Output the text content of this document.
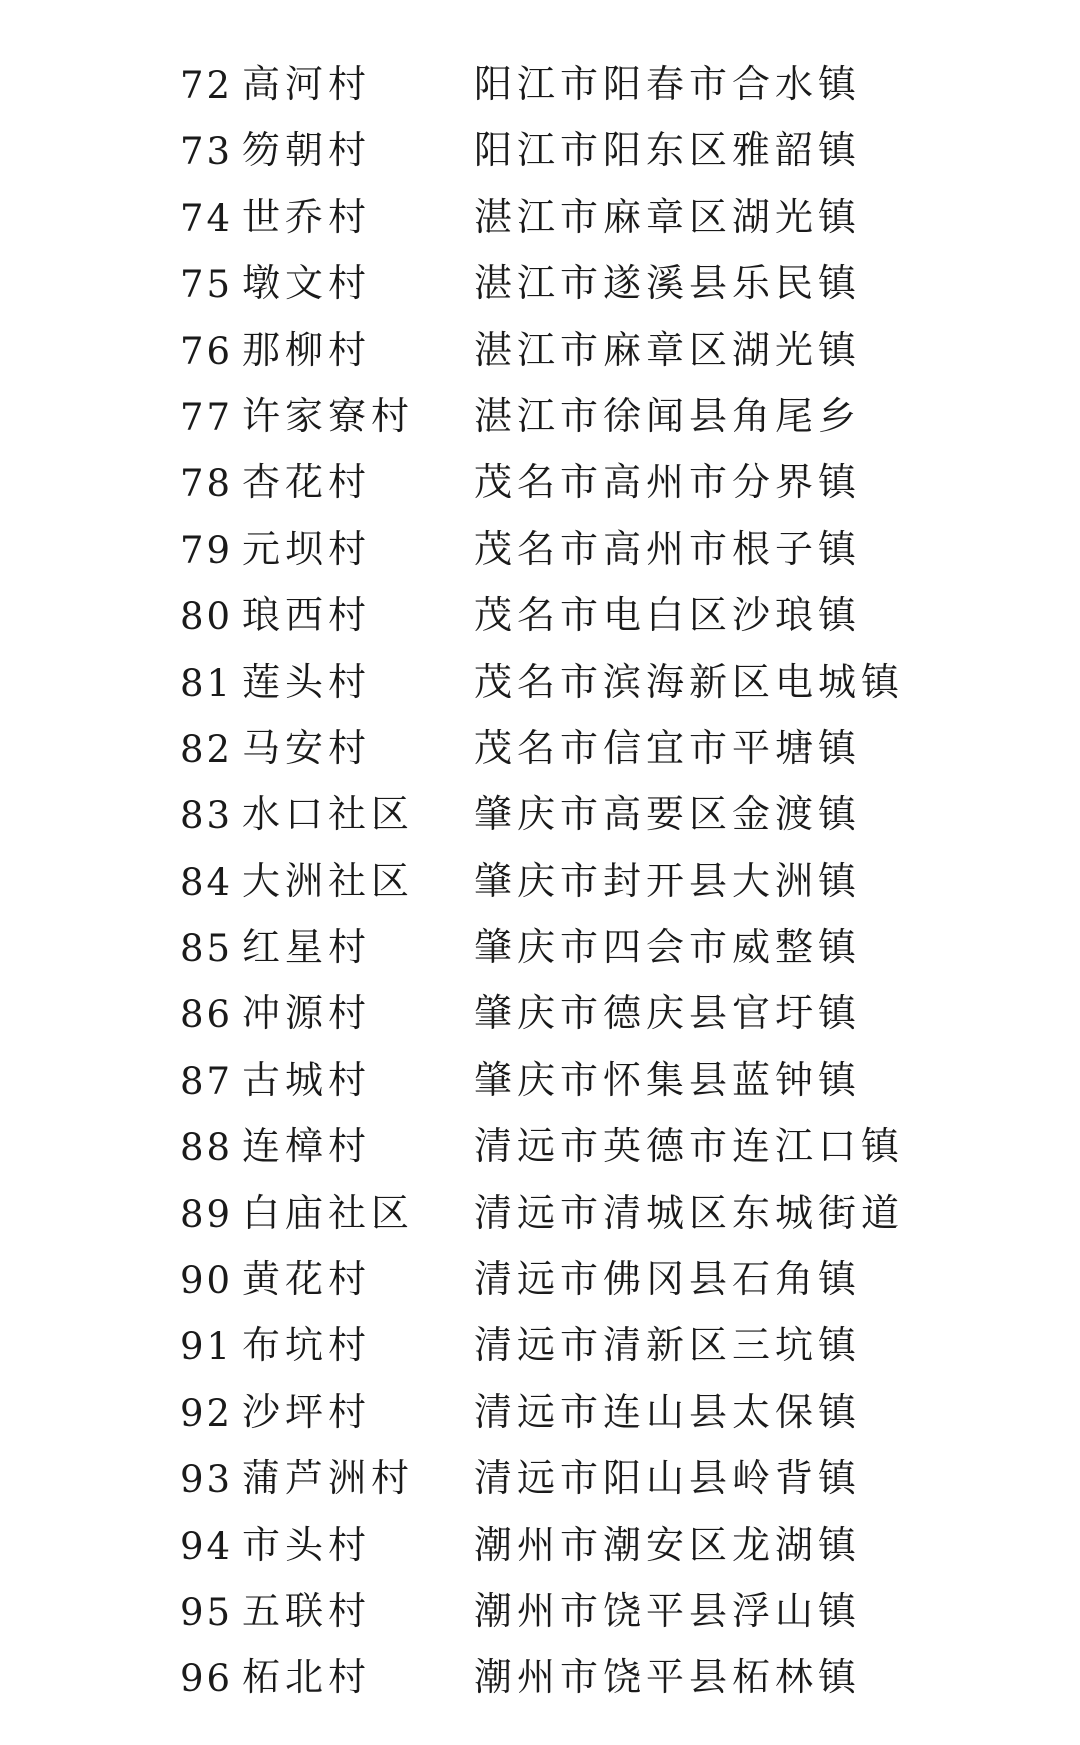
72 高河村	阳江市阳春市合水镇
73 笏朝村	阳江市阳东区雅韶镇
74 世乔村	湛江市麻章区湖光镇
75 墩文村	湛江市遂溪县乐民镇
76 那柳村	湛江市麻章区湖光镇
77 许家寮村 湛江市徐闻县角尾乡
78 杏花村	茂名市高州市分界镇
79 元坝村	茂名市高州市根子镇
80 琅西村	茂名市电白区沙琅镇
81 莲头村	茂名市滨海新区电城镇
82 马安村	茂名市信宜市平塘镇
83 水口社区 肇庆市高要区金渡镇
84 大洲社区 肇庆市封开县大洲镇
85 红星村	肇庆市四会市威整镇
86 冲源村	肇庆市德庆县官圩镇
87 古城村	肇庆市怀集县蓝钟镇
88 连樟村	清远市英德市连江口镇
89 白庙社区 清远市清城区东城街道
90 黄花村	清远市佛冈县石角镇
91 布坑村	清远市清新区三坑镇
92 沙坪村	清远市连山县太保镇
93 蒲芦洲村 清远市阳山县岭背镇
94 市头村	潮州市潮安区龙湖镇
95 五联村	潮州市饶平县浮山镇
96 柘北村	潮州市饶平县柘林镇
